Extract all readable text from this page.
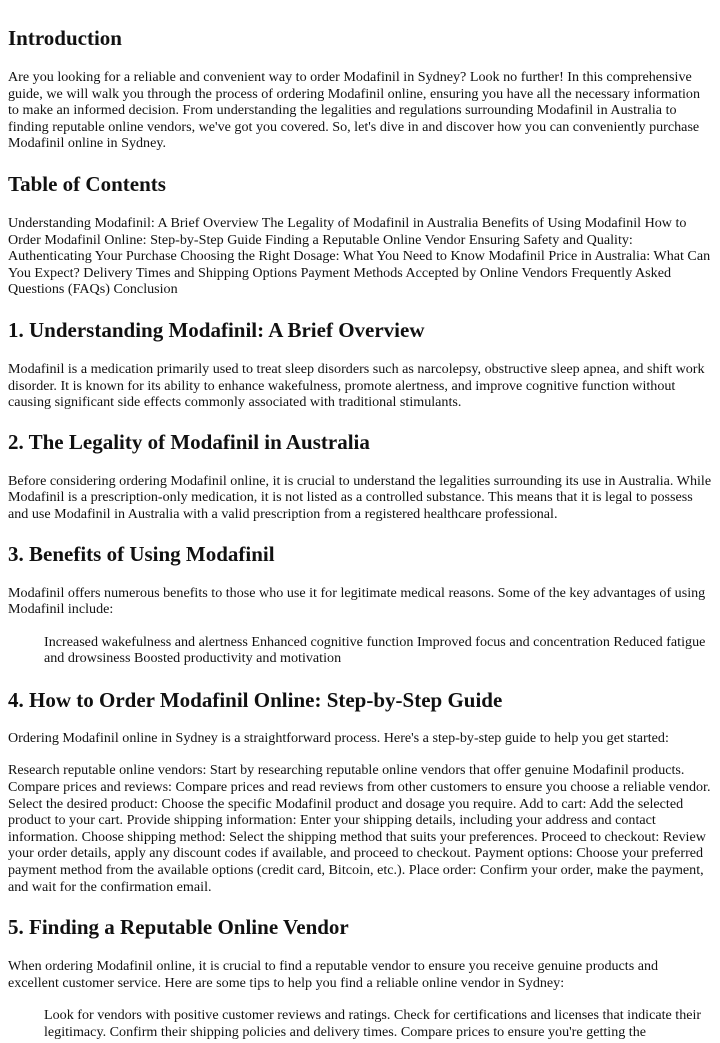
Introduction

Are you looking for a reliable and convenient way to order Modafinil in Sydney? Look no further! In this comprehensive guide, we will walk you through the process of ordering Modafinil online, ensuring you have all the necessary information to make an informed decision. From understanding the legalities and regulations surrounding Modafinil in Australia to finding reputable online vendors, we've got you covered. So, let's dive in and discover how you can conveniently purchase Modafinil online in Sydney.

Table of Contents

Understanding Modafinil: A Brief Overview The Legality of Modafinil in Australia Benefits of Using Modafinil How to Order Modafinil Online: Step-by-Step Guide Finding a Reputable Online Vendor Ensuring Safety and Quality: Authenticating Your Purchase Choosing the Right Dosage: What You Need to Know Modafinil Price in Australia: What Can You Expect? Delivery Times and Shipping Options Payment Methods Accepted by Online Vendors Frequently Asked Questions (FAQs) Conclusion

1. Understanding Modafinil: A Brief Overview

Modafinil is a medication primarily used to treat sleep disorders such as narcolepsy, obstructive sleep apnea, and shift work disorder. It is known for its ability to enhance wakefulness, promote alertness, and improve cognitive function without causing significant side effects commonly associated with traditional stimulants.

2. The Legality of Modafinil in Australia

Before considering ordering Modafinil online, it is crucial to understand the legalities surrounding its use in Australia. While Modafinil is a prescription-only medication, it is not listed as a controlled substance. This means that it is legal to possess and use Modafinil in Australia with a valid prescription from a registered healthcare professional.

3. Benefits of Using Modafinil

Modafinil offers numerous benefits to those who use it for legitimate medical reasons. Some of the key advantages of using Modafinil include:

Increased wakefulness and alertness Enhanced cognitive function Improved focus and concentration Reduced fatigue and drowsiness Boosted productivity and motivation

4. How to Order Modafinil Online: Step-by-Step Guide

Ordering Modafinil online in Sydney is a straightforward process. Here's a step-by-step guide to help you get started:

Research reputable online vendors: Start by researching reputable online vendors that offer genuine Modafinil products. Compare prices and reviews: Compare prices and read reviews from other customers to ensure you choose a reliable vendor. Select the desired product: Choose the specific Modafinil product and dosage you require. Add to cart: Add the selected product to your cart. Provide shipping information: Enter your shipping details, including your address and contact information. Choose shipping method: Select the shipping method that suits your preferences. Proceed to checkout: Review your order details, apply any discount codes if available, and proceed to checkout. Payment options: Choose your preferred payment method from the available options (credit card, Bitcoin, etc.). Place order: Confirm your order, make the payment, and wait for the confirmation email.

5. Finding a Reputable Online Vendor

When ordering Modafinil online, it is crucial to find a reputable vendor to ensure you receive genuine products and excellent customer service. Here are some tips to help you find a reliable online vendor in Sydney:

Look for vendors with positive customer reviews and ratings. Check for certifications and licenses that indicate their legitimacy. Confirm their shipping policies and delivery times. Compare prices to ensure you're getting the
